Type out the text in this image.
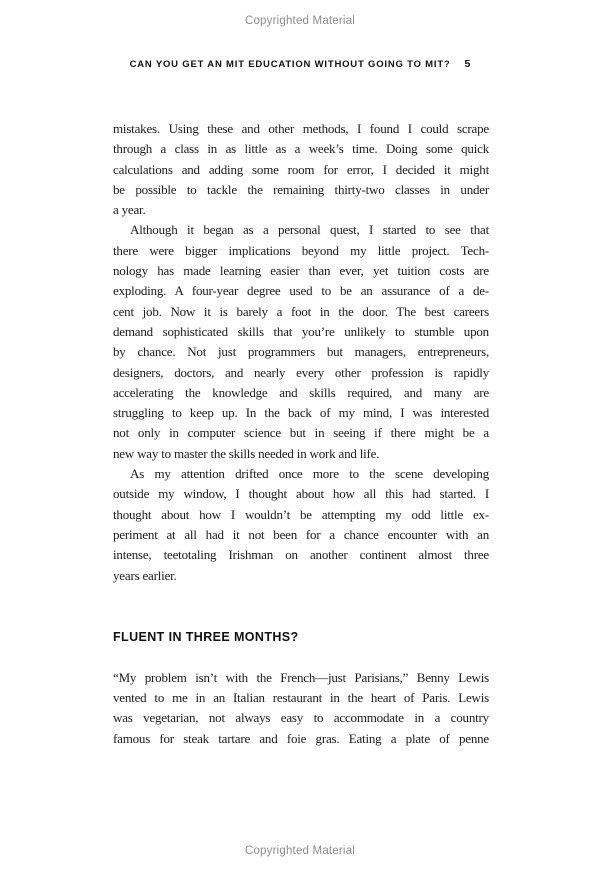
Copyrighted Material
CAN YOU GET AN MIT EDUCATION WITHOUT GOING TO MIT? 5
mistakes. Using these and other methods, I found I could scrape
through a class in as little as a week’s time. Doing some quick
calculations and adding some room for error, I decided it might
be possible to tackle the remaining thirty-two classes in under
a year.
Although it began as a personal quest, I started to see that
there were bigger implications beyond my little project. Tech-
nology has made learning easier than ever, yet tuition costs are
exploding. A four-year degree used to be an assurance of a de-
cent job. Now it is barely a foot in the door. The best careers
demand sophisticated skills that you’re unlikely to stumble upon
by chance. Not just programmers but managers, entrepreneurs,
designers, doctors, and nearly every other profession is rapidly
accelerating the knowledge and skills required, and many are
struggling to keep up. In the back of my mind, I was interested
not only in computer science but in seeing if there might be a
new way to master the skills needed in work and life.
As my attention drifted once more to the scene developing
outside my window, I thought about how all this had started. I
thought about how I wouldn’t be attempting my odd little ex-
periment at all had it not been for a chance encounter with an
intense, teetotaling Irishman on another continent almost three
years earlier.
FLUENT IN THREE MONTHS?
“My problem isn’t with the French—just Parisians,” Benny Lewis
vented to me in an Italian restaurant in the heart of Paris. Lewis
was vegetarian, not always easy to accommodate in a country
famous for steak tartare and foie gras. Eating a plate of penne
Copyrighted Material
